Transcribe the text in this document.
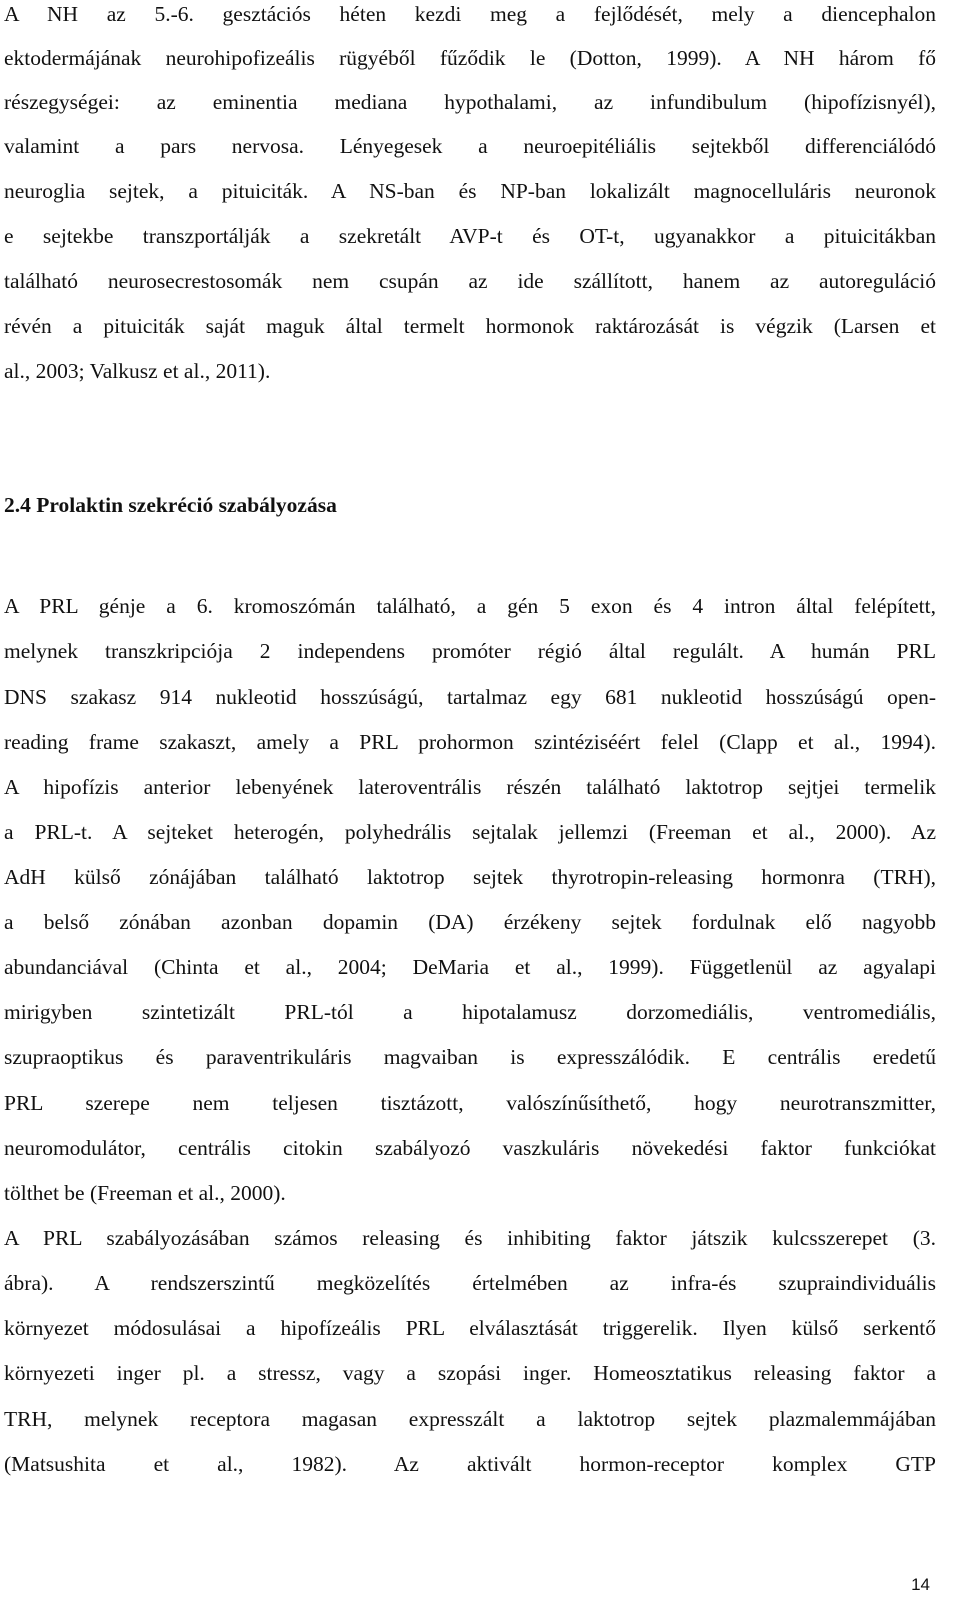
A NH az 5.-6. gesztációs héten kezdi meg a fejlődését, mely a diencephalon
ektodermájának neurohipofizeális rügyéből fűződik le (Dotton, 1999). A NH három fő
részegységei: az eminentia mediana hypothalami, az infundibulum (hipofízisnyél),
valamint a pars nervosa. Lényegesek a neuroepitéliális sejtekből differenciálódó
neuroglia sejtek, a pituiciták. A NS-ban és NP-ban lokalizált magnocelluláris neuronok
e sejtekbe transzportálják a szekretált AVP-t és OT-t, ugyanakkor a pituicitákban
található neurosecrestosomák nem csupán az ide szállított, hanem az autoreguláció
révén a pituiciták saját maguk által termelt hormonok raktározását is végzik (Larsen et
al., 2003; Valkusz et al., 2011).
2.4 Prolaktin szekréció szabályozása
A PRL génje a 6. kromoszómán található, a gén 5 exon és 4 intron által felépített,
melynek transzkripciója 2 independens promóter régió által regulált. A humán PRL
DNS szakasz 914 nukleotid hosszúságú, tartalmaz egy 681 nukleotid hosszúságú open-
reading frame szakaszt, amely a PRL prohormon szintéziséért felel (Clapp et al., 1994).
A hipofízis anterior lebenyének lateroventrális részén található laktotrop sejtjei termelik
a PRL-t. A sejteket heterogén, polyhedrális sejtalak jellemzi (Freeman et al., 2000). Az
AdH külső zónájában található laktotrop sejtek thyrotropin-releasing hormonra (TRH),
a belső zónában azonban dopamin (DA) érzékeny sejtek fordulnak elő nagyobb
abundanciával (Chinta et al., 2004; DeMaria et al., 1999). Függetlenül az agyalapi
mirigyben szintetizált PRL-tól a hipotalamusz dorzomediális, ventromediális,
szupraoptikus és paraventrikuláris magvaiban is expresszálódik. E centrális eredetű
PRL szerepe nem teljesen tisztázott, valószínűsíthető, hogy neurotranszmitter,
neuromodulátor, centrális citokin szabályozó vaszkuláris növekedési faktor funkciókat
tölthet be (Freeman et al., 2000).
A PRL szabályozásában számos releasing és inhibiting faktor játszik kulcsszerepet (3.
ábra). A rendszerszintű megközelítés értelmében az infra-és szupraindividuális
környezet módosulásai a hipofízeális PRL elválasztását triggerelik. Ilyen külső serkentő
környezeti inger pl. a stressz, vagy a szopási inger. Homeosztatikus releasing faktor a
TRH, melynek receptora magasan expresszált a laktotrop sejtek plazmalemmájában
(Matsushita et al., 1982). Az aktivált hormon-receptor komplex GTP
14
